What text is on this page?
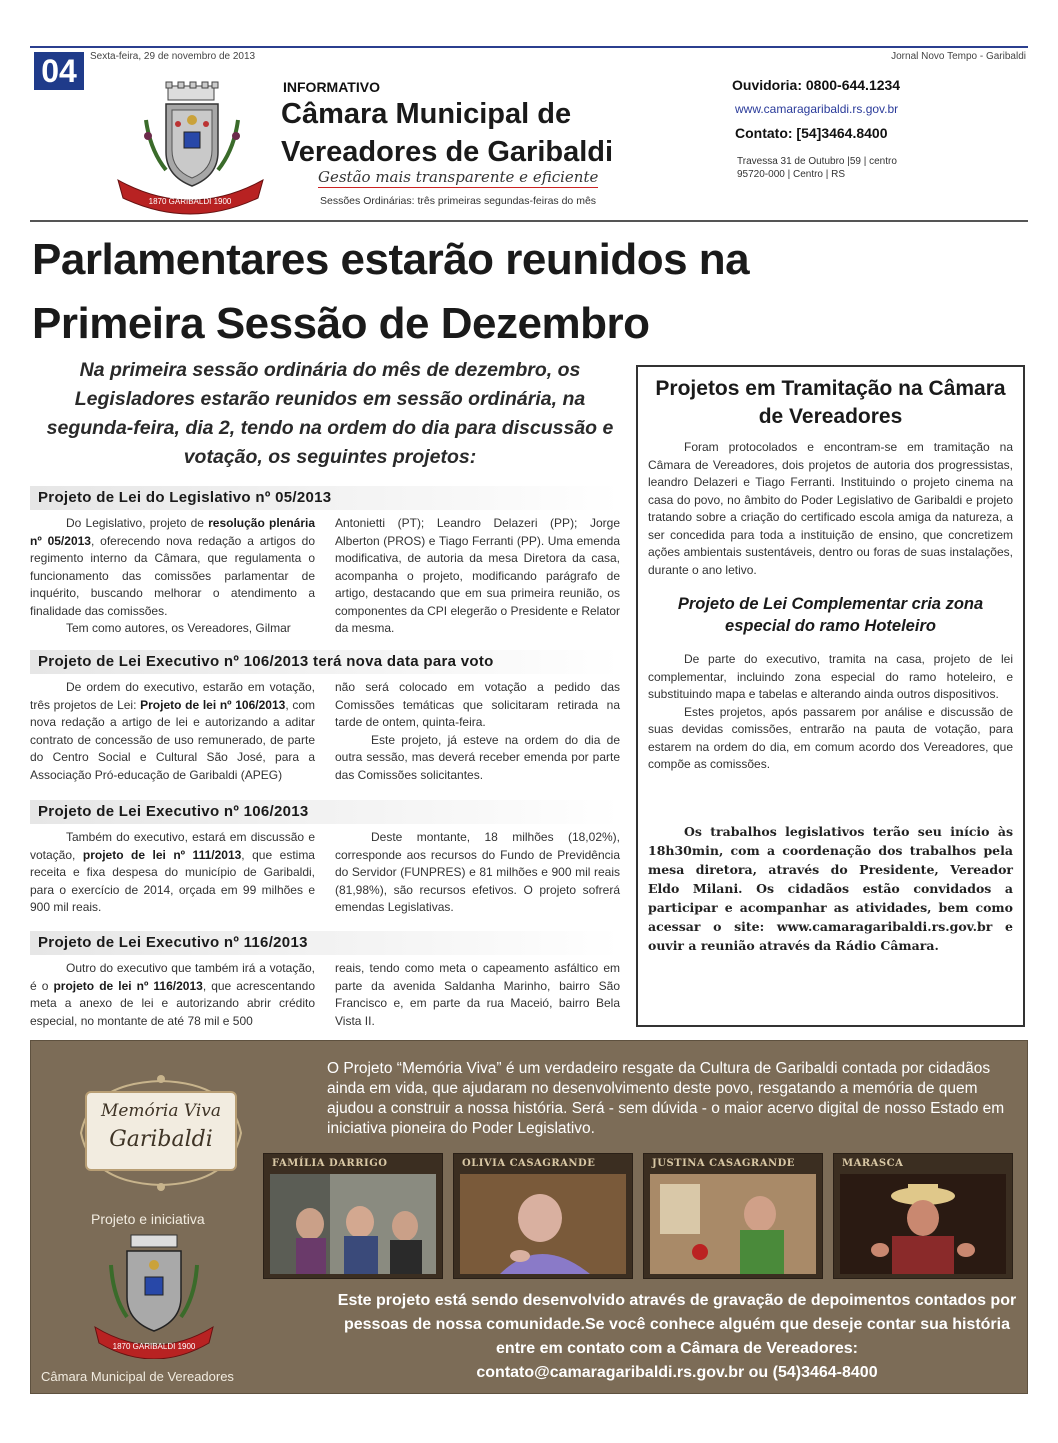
04	Sexta-feira, 29 de novembro de 2013	Jornal Novo Tempo - Garibaldi
1870 GARIBALDI 1900
INFORMATIVO
Câmara Municipal de
Vereadores de Garibaldi
Gestão mais transparente e eficiente
Sessões Ordinárias: três primeiras segundas-feiras do mês
Ouvidoria: 0800-644.1234
www.camaragaribaldi.rs.gov.br
Contato: [54]3464.8400
Travessa 31 de Outubro |59 | centro
95720-000 | Centro | RS
Parlamentares estarão reunidos na
Primeira Sessão de Dezembro
Na primeira sessão ordinária do mês de dezembro, os Legisladores estarão reunidos em sessão ordinária, na segunda-feira, dia 2, tendo na ordem do dia para discussão e votação, os seguintes projetos:
Projeto de Lei do Legislativo nº 05/2013

Do Legislativo, projeto de resolução plenária nº 05/2013, oferecendo nova redação a artigos do regimento interno da Câmara, que regulamenta o funcionamento das comissões parlamentar de inquérito, buscando melhorar o atendimento a finalidade das comissões.

Tem como autores, os Vereadores, Gilmar

Antonietti (PT); Leandro Delazeri (PP); Jorge Alberton (PROS) e Tiago Ferranti (PP). Uma emenda modificativa, de autoria da mesa Diretora da casa, acompanha o projeto, modificando parágrafo de artigo, destacando que em sua primeira reunião, os componentes da CPI elegerão o Presidente e Relator da mesma.

Projeto de Lei Executivo nº 106/2013 terá nova data para voto

De ordem do executivo, estarão em votação, três projetos de Lei: Projeto de lei nº 106/2013, com nova redação a artigo de lei e autorizando a aditar contrato de concessão de uso remunerado, de parte do Centro Social e Cultural São José, para a Associação Pró-educação de Garibaldi (APEG)

não será colocado em votação a pedido das Comissões temáticas que solicitaram retirada na tarde de ontem, quinta-feira.

Este projeto, já esteve na ordem do dia de outra sessão, mas deverá receber emenda por parte das Comissões solicitantes.

Projeto de Lei Executivo nº 106/2013

Também do executivo, estará em discussão e votação, projeto de lei nº 111/2013, que estima receita e fixa despesa do município de Garibaldi, para o exercício de 2014, orçada em 99 milhões e 900 mil reais.

Deste montante, 18 milhões (18,02%), corresponde aos recursos do Fundo de Previdência do Servidor (FUNPRES) e 81 milhões e 900 mil reais (81,98%), são recursos efetivos. O projeto sofrerá emendas Legislativas.

Projeto de Lei Executivo nº 116/2013

Outro do executivo que também irá a votação, é o projeto de lei nº 116/2013, que acrescentando meta a anexo de lei e autorizando abrir crédito especial, no montante de até 78 mil e 500

reais, tendo como meta o capeamento asfáltico em parte da avenida Saldanha Marinho, bairro São Francisco e, em parte da rua Maceió, bairro Bela Vista II.

Projetos em Tramitação na Câmara de Vereadores

Foram protocolados e encontram-se em tramitação na Câmara de Vereadores, dois projetos de autoria dos progressistas, leandro Delazeri e Tiago Ferranti. Instituindo o projeto cinema na casa do povo, no âmbito do Poder Legislativo de Garibaldi e projeto tratando sobre a criação do certificado escola amiga da natureza, a ser concedida para toda a instituição de ensino, que concretizem ações ambientais sustentáveis, dentro ou foras de suas instalações, durante o ano letivo.

Projeto de Lei Complementar cria zona especial do ramo Hoteleiro

De parte do executivo, tramita na casa, projeto de lei complementar, incluindo zona especial do ramo hoteleiro, e substituindo mapa e tabelas e alterando ainda outros dispositivos.

Estes projetos, após passarem por análise e discussão de suas devidas comissões, entrarão na pauta de votação, para estarem na ordem do dia, em comum acordo dos Vereadores, que compõe as comissões.

Os trabalhos legislativos terão seu início às 18h30min, com a coordenação dos trabalhos pela mesa diretora, através do Presidente, Vereador Eldo Milani. Os cidadãos estão convidados a participar e acompanhar as atividades, bem como acessar o site: www.camaragaribaldi.rs.gov.br e ouvir a reunião através da Rádio Câmara.

Memória Viva
Garibaldi
Projeto e iniciativa
1870 GARIBALDI 1900
Câmara Municipal de Vereadores
O Projeto “Memória Viva” é um verdadeiro resgate da Cultura de Garibaldi contada por cidadãos ainda em vida, que ajudaram no desenvolvimento deste povo, resgatando a memória de quem ajudou a construir a nossa história. Será - sem dúvida - o maior acervo digital de nosso Estado em iniciativa pioneira do Poder Legislativo.
FAMÍLIA DARRIGO	OLIVIA CASAGRANDE	JUSTINA CASAGRANDE	MARASCA
Este projeto está sendo desenvolvido através de gravação de depoimentos contados por
pessoas de nossa comunidade.Se você conhece alguém que deseje contar sua história
entre em contato com a Câmara de Vereadores:
contato@camaragaribaldi.rs.gov.br ou (54)3464-8400
